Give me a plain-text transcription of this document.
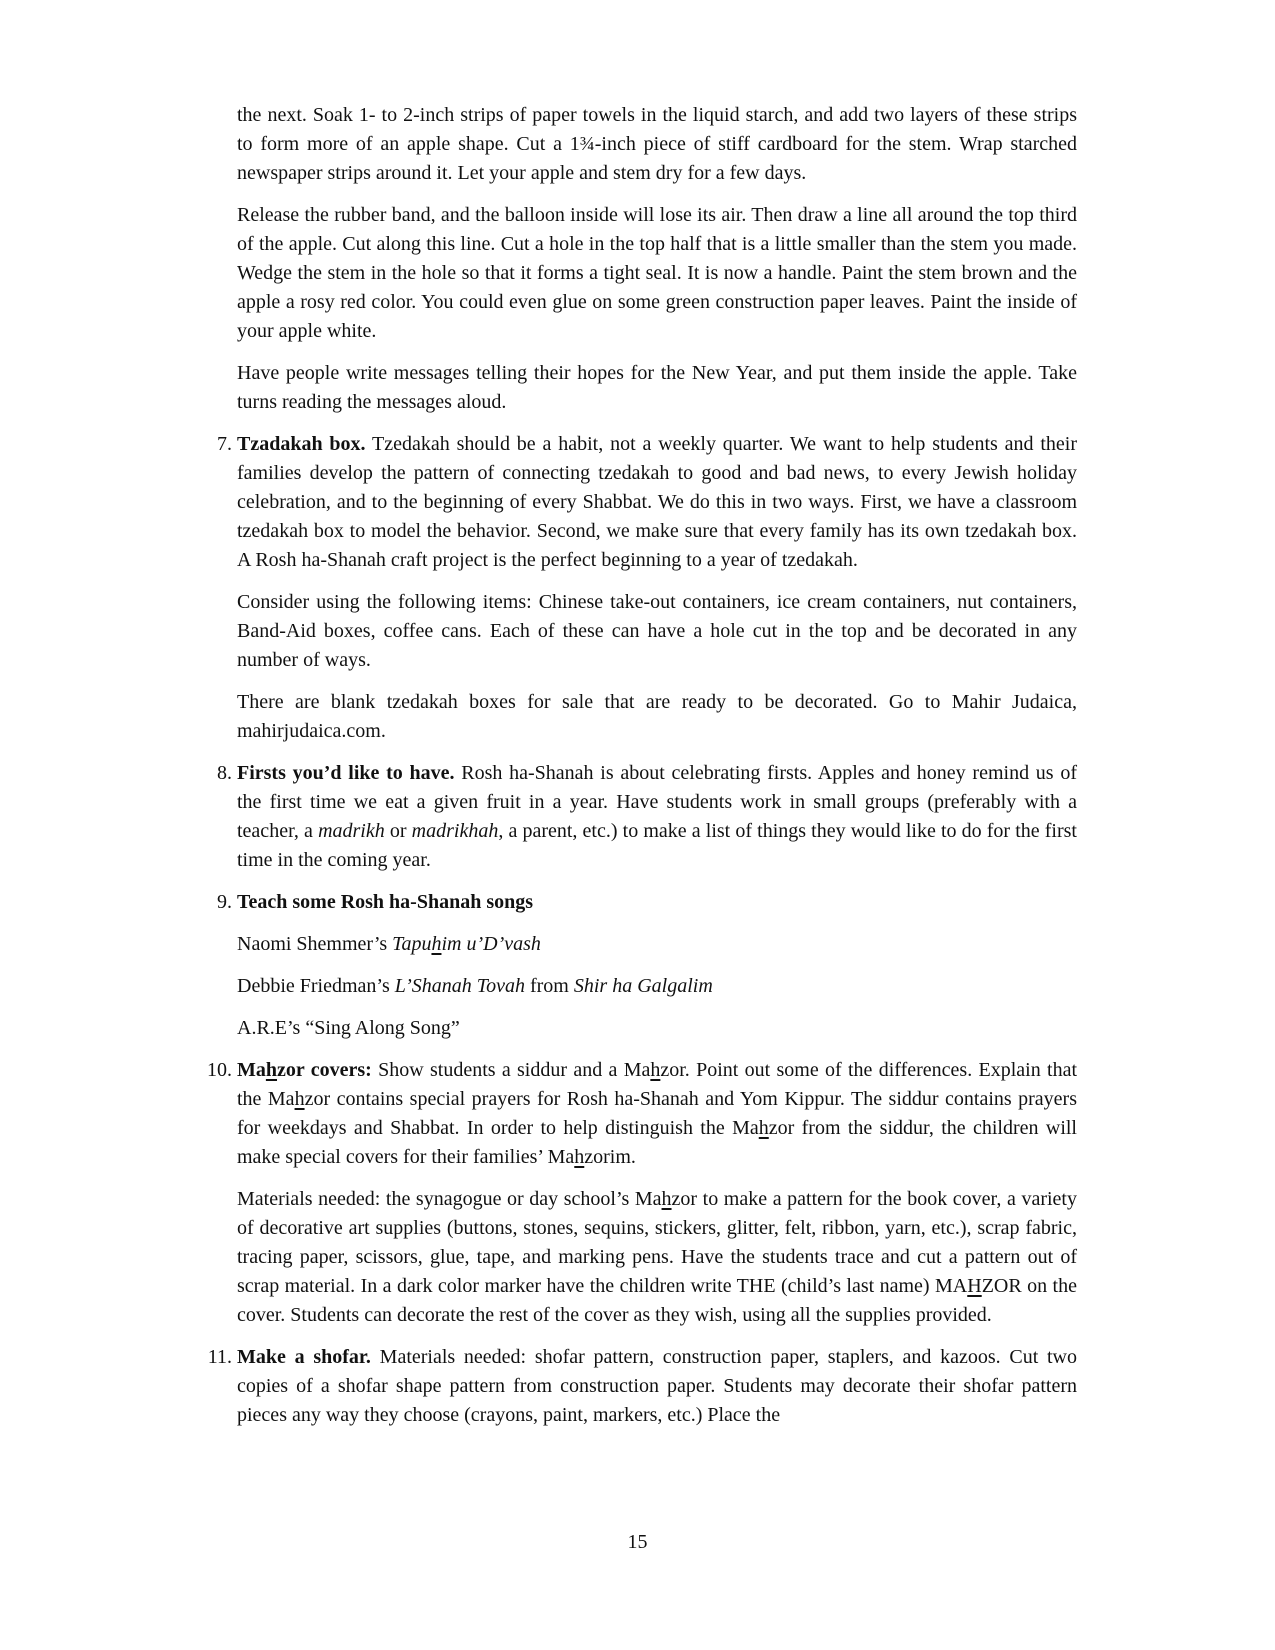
the next. Soak 1- to 2-inch strips of paper towels in the liquid starch, and add two layers of these strips to form more of an apple shape. Cut a 1¾-inch piece of stiff cardboard for the stem. Wrap starched newspaper strips around it. Let your apple and stem dry for a few days.

Release the rubber band, and the balloon inside will lose its air. Then draw a line all around the top third of the apple. Cut along this line. Cut a hole in the top half that is a little smaller than the stem you made. Wedge the stem in the hole so that it forms a tight seal. It is now a handle. Paint the stem brown and the apple a rosy red color. You could even glue on some green construction paper leaves. Paint the inside of your apple white.

Have people write messages telling their hopes for the New Year, and put them inside the apple. Take turns reading the messages aloud.

7. Tzadakah box. Tzedakah should be a habit, not a weekly quarter. We want to help students and their families develop the pattern of connecting tzedakah to good and bad news, to every Jewish holiday celebration, and to the beginning of every Shabbat. We do this in two ways. First, we have a classroom tzedakah box to model the behavior. Second, we make sure that every family has its own tzedakah box. A Rosh ha-Shanah craft project is the perfect beginning to a year of tzedakah.

Consider using the following items: Chinese take-out containers, ice cream containers, nut containers, Band-Aid boxes, coffee cans. Each of these can have a hole cut in the top and be decorated in any number of ways.

There are blank tzedakah boxes for sale that are ready to be decorated. Go to Mahir Judaica, mahirjudaica.com.

8. Firsts you’d like to have. Rosh ha-Shanah is about celebrating firsts. Apples and honey remind us of the first time we eat a given fruit in a year. Have students work in small groups (preferably with a teacher, a madrikh or madrikhah, a parent, etc.) to make a list of things they would like to do for the first time in the coming year.

9. Teach some Rosh ha-Shanah songs

Naomi Shemmer’s Tapuhim u’D’vash

Debbie Friedman’s L’Shanah Tovah from Shir ha Galgalim

A.R.E’s “Sing Along Song”

10. Mahzor covers: Show students a siddur and a Mahzor. Point out some of the differences. Explain that the Mahzor contains special prayers for Rosh ha-Shanah and Yom Kippur. The siddur contains prayers for weekdays and Shabbat. In order to help distinguish the Mahzor from the siddur, the children will make special covers for their families’ Mahzorim.

Materials needed: the synagogue or day school’s Mahzor to make a pattern for the book cover, a variety of decorative art supplies (buttons, stones, sequins, stickers, glitter, felt, ribbon, yarn, etc.), scrap fabric, tracing paper, scissors, glue, tape, and marking pens. Have the students trace and cut a pattern out of scrap material. In a dark color marker have the children write THE (child’s last name) MAHZOR on the cover. Students can decorate the rest of the cover as they wish, using all the supplies provided.

11. Make a shofar. Materials needed: shofar pattern, construction paper, staplers, and kazoos. Cut two copies of a shofar shape pattern from construction paper. Students may decorate their shofar pattern pieces any way they choose (crayons, paint, markers, etc.) Place the

15
